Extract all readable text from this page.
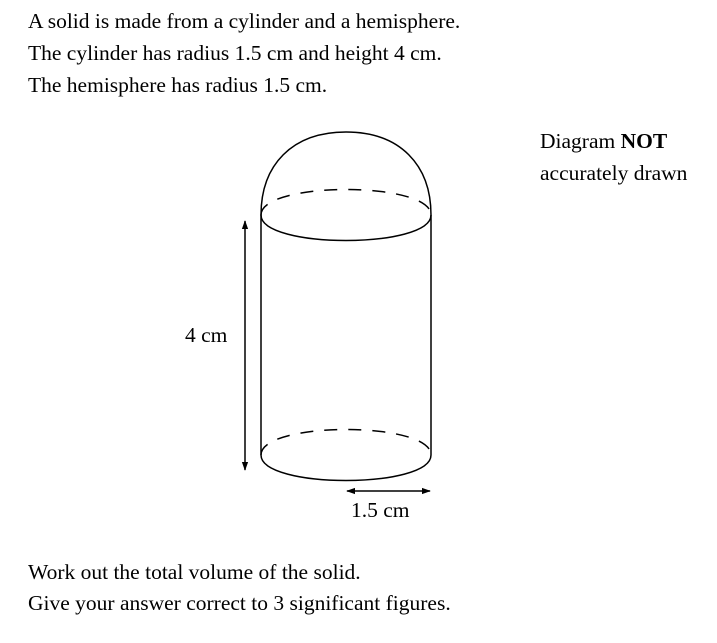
A solid is made from a cylinder and a hemisphere.
The cylinder has radius 1.5 cm and height 4 cm.
The hemisphere has radius 1.5 cm.
Diagram NOT
accurately drawn
4 cm
1.5 cm
Work out the total volume of the solid.
Give your answer correct to 3 significant figures.
